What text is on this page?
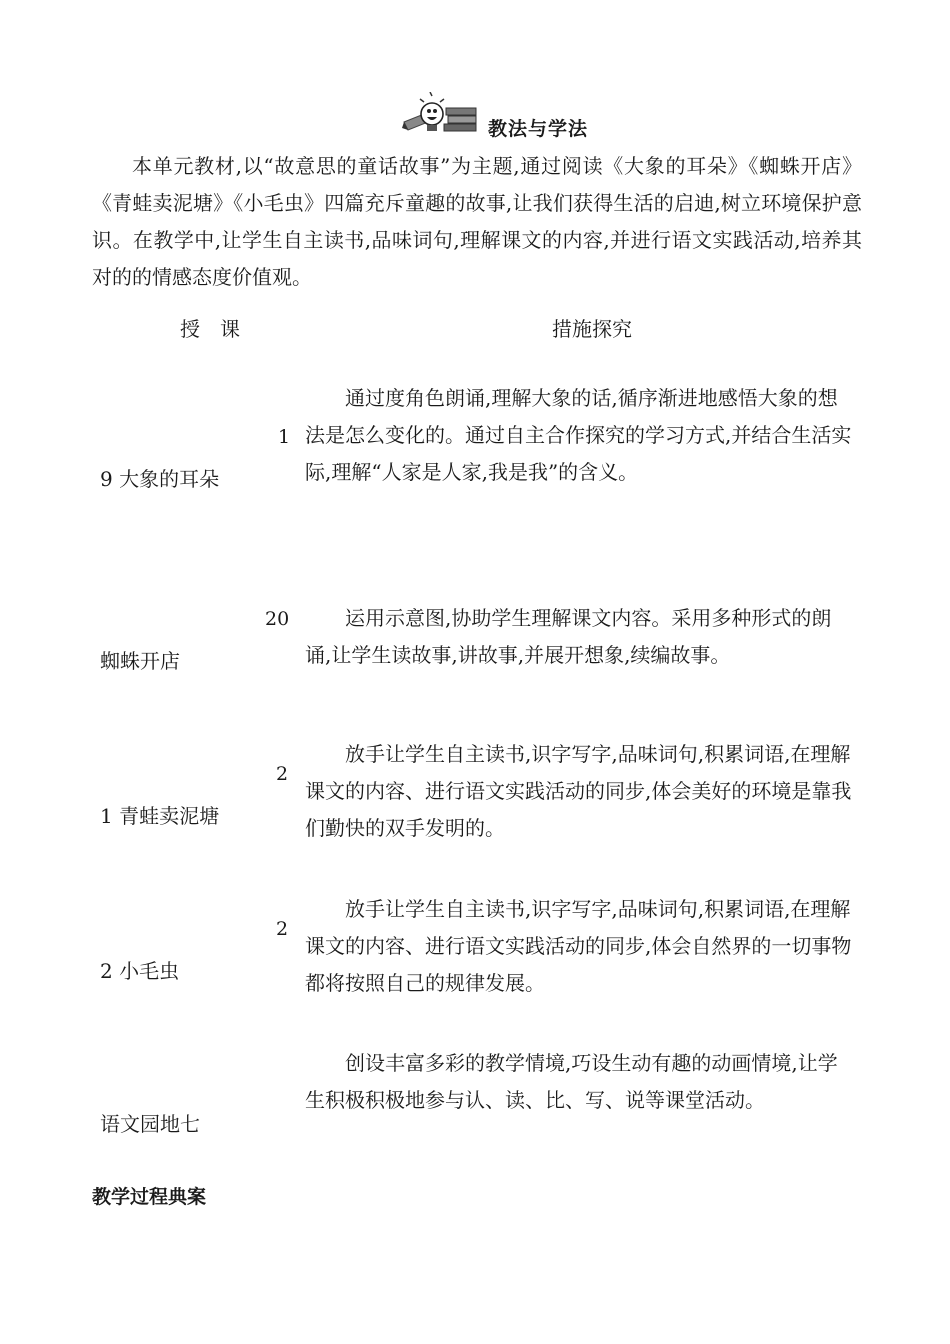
教法与学法
本单元教材,以“故意思的童话故事”为主题,通过阅读《大象的耳朵》《蜘蛛开店》《青蛙卖泥塘》《小毛虫》四篇充斥童趣的故事,让我们获得生活的启迪,树立环境保护意识。在教学中,让学生自主读书,品味词句,理解课文的内容,并进行语文实践活动,培养其对的的情感态度价值观。
授　课	措施探究
1
9 大象的耳朵
通过度角色朗诵,理解大象的话,循序渐进地感悟大象的想法是怎么变化的。通过自主合作探究的学习方式,并结合生活实际,理解“人家是人家,我是我”的含义。
20
蜘蛛开店
运用示意图,协助学生理解课文内容。采用多种形式的朗诵,让学生读故事,讲故事,并展开想象,续编故事。
2
1 青蛙卖泥塘
放手让学生自主读书,识字写字,品味词句,积累词语,在理解课文的内容、进行语文实践活动的同步,体会美好的环境是靠我们勤快的双手发明的。
2
2 小毛虫
放手让学生自主读书,识字写字,品味词句,积累词语,在理解课文的内容、进行语文实践活动的同步,体会自然界的一切事物都将按照自己的规律发展。
语文园地七
创设丰富多彩的教学情境,巧设生动有趣的动画情境,让学生积极积极地参与认、读、比、写、说等课堂活动。
教学过程典案
